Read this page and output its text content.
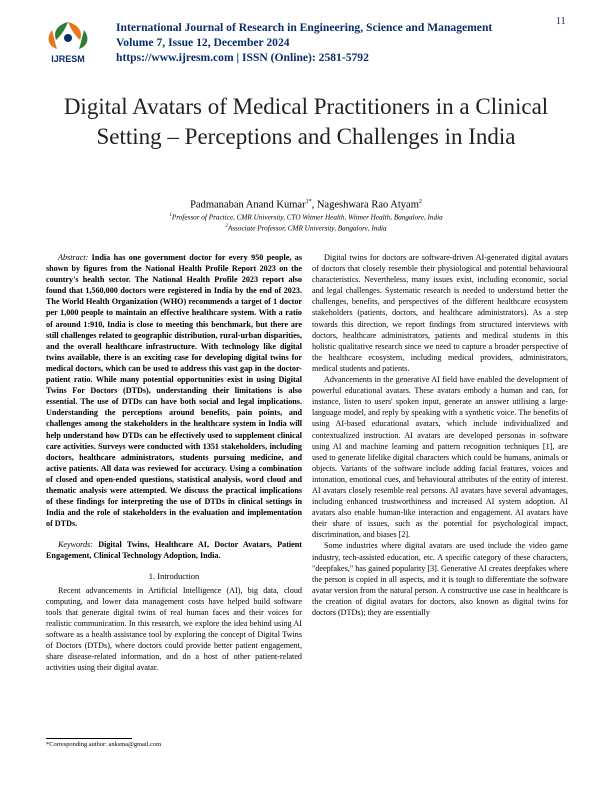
IJRESM
International Journal of Research in Engineering, Science and Management
Volume 7, Issue 12, December 2024
https://www.ijresm.com | ISSN (Online): 2581-5792
11
Digital Avatars of Medical Practitioners in a Clinical Setting – Perceptions and Challenges in India
Padmanaban Anand Kumar$^{1*}$, Nageshwara Rao Atyam$^2$
$^1$Professor of Practice, CMR University, CTO Witmer Health, Witmer Health, Bangalore, India
$^2$Associate Professor, CMR University, Bangalore, India

Abstract: India has one government doctor for every 950 people, as shown by figures from the National Health Profile Report 2023 on the country's health sector. The National Health Profile 2023 report also found that 1,560,000 doctors were registered in India by the end of 2023. The World Health Organization (WHO) recommends a target of 1 doctor per 1,000 people to maintain an effective healthcare system. With a ratio of around 1:910, India is close to meeting this benchmark, but there are still challenges related to geographic distribution, rural-urban disparities, and the overall healthcare infrastructure. With technology like digital twins available, there is an exciting case for developing digital twins for medical doctors, which can be used to address this vast gap in the doctor-patient ratio. While many potential opportunities exist in using Digital Twins For Doctors (DTDs), understanding their limitations is also essential. The use of DTDs can have both social and legal implications. Understanding the perceptions around benefits, pain points, and challenges among the stakeholders in the healthcare system in India will help understand how DTDs can be effectively used to supplement clinical care activities. Surveys were conducted with 1351 stakeholders, including doctors, healthcare administrators, students pursuing medicine, and active patients. All data was reviewed for accuracy. Using a combination of closed and open-ended questions, statistical analysis, word cloud and thematic analysis were attempted. We discuss the practical implications of these findings for interpreting the use of DTDs in clinical settings in India and the role of stakeholders in the evaluation and implementation of DTDs.

Keywords: Digital Twins, Healthcare AI, Doctor Avatars, Patient Engagement, Clinical Technology Adoption, India.

1. Introduction

Recent advancements in Artificial Intelligence (AI), big data, cloud computing, and lower data management costs have helped build software tools that generate digital twins of real human faces and their voices for realistic communication. In this research, we explore the idea behind using AI software as a health assistance tool by exploring the concept of Digital Twins of Doctors (DTDs), where doctors could provide better patient engagement, share disease-related information, and do a host of other patient-related activities using their digital avatar.

Digital twins for doctors are software-driven AI-generated digital avatars of doctors that closely resemble their physiological and potential behavioural characteristics. Nevertheless, many issues exist, including economic, social and legal challenges. Systematic research is needed to understand better the challenges, benefits, and perspectives of the different healthcare ecosystem stakeholders (patients, doctors, and healthcare administrators). As a step towards this direction, we report findings from structured interviews with doctors, healthcare administrators, patients and medical students in this holistic qualitative research since we need to capture a broader perspective of the healthcare ecosystem, including medical providers, administrators, medical students and patients.

Advancements in the generative AI field have enabled the development of powerful educational avatars. These avatars embody a human and can, for instance, listen to users' spoken input, generate an answer utilising a large-language model, and reply by speaking with a synthetic voice. The benefits of using AI-based educational avatars, which include individualized and contextualized instruction. AI avatars are developed personas in software using AI and machine learning and pattern recognition techniques [1], are used to generate lifelike digital characters which could be humans, animals or objects. Variants of the software include adding facial features, voices and intonation, emotional cues, and behavioural attributes of the entity of interest. AI avatars closely resemble real persons. AI avatars have several advantages, including enhanced trustworthiness and increased AI system adoption. AI avatars also enable human-like interaction and engagement. AI avatars have their share of issues, such as the potential for psychological impact, discrimination, and biases [2].

Some industries where digital avatars are used include the video game industry, tech-assisted education, etc. A specific category of these characters, "deepfakes," has gained popularity [3]. Generative AI creates deepfakes where the person is copied in all aspects, and it is tough to differentiate the software avatar version from the natural person. A constructive use case in healthcare is the creation of digital avatars for doctors, also known as digital twins for doctors (DTDs); they are essentially

*Corresponding author: anksma@gmail.com
